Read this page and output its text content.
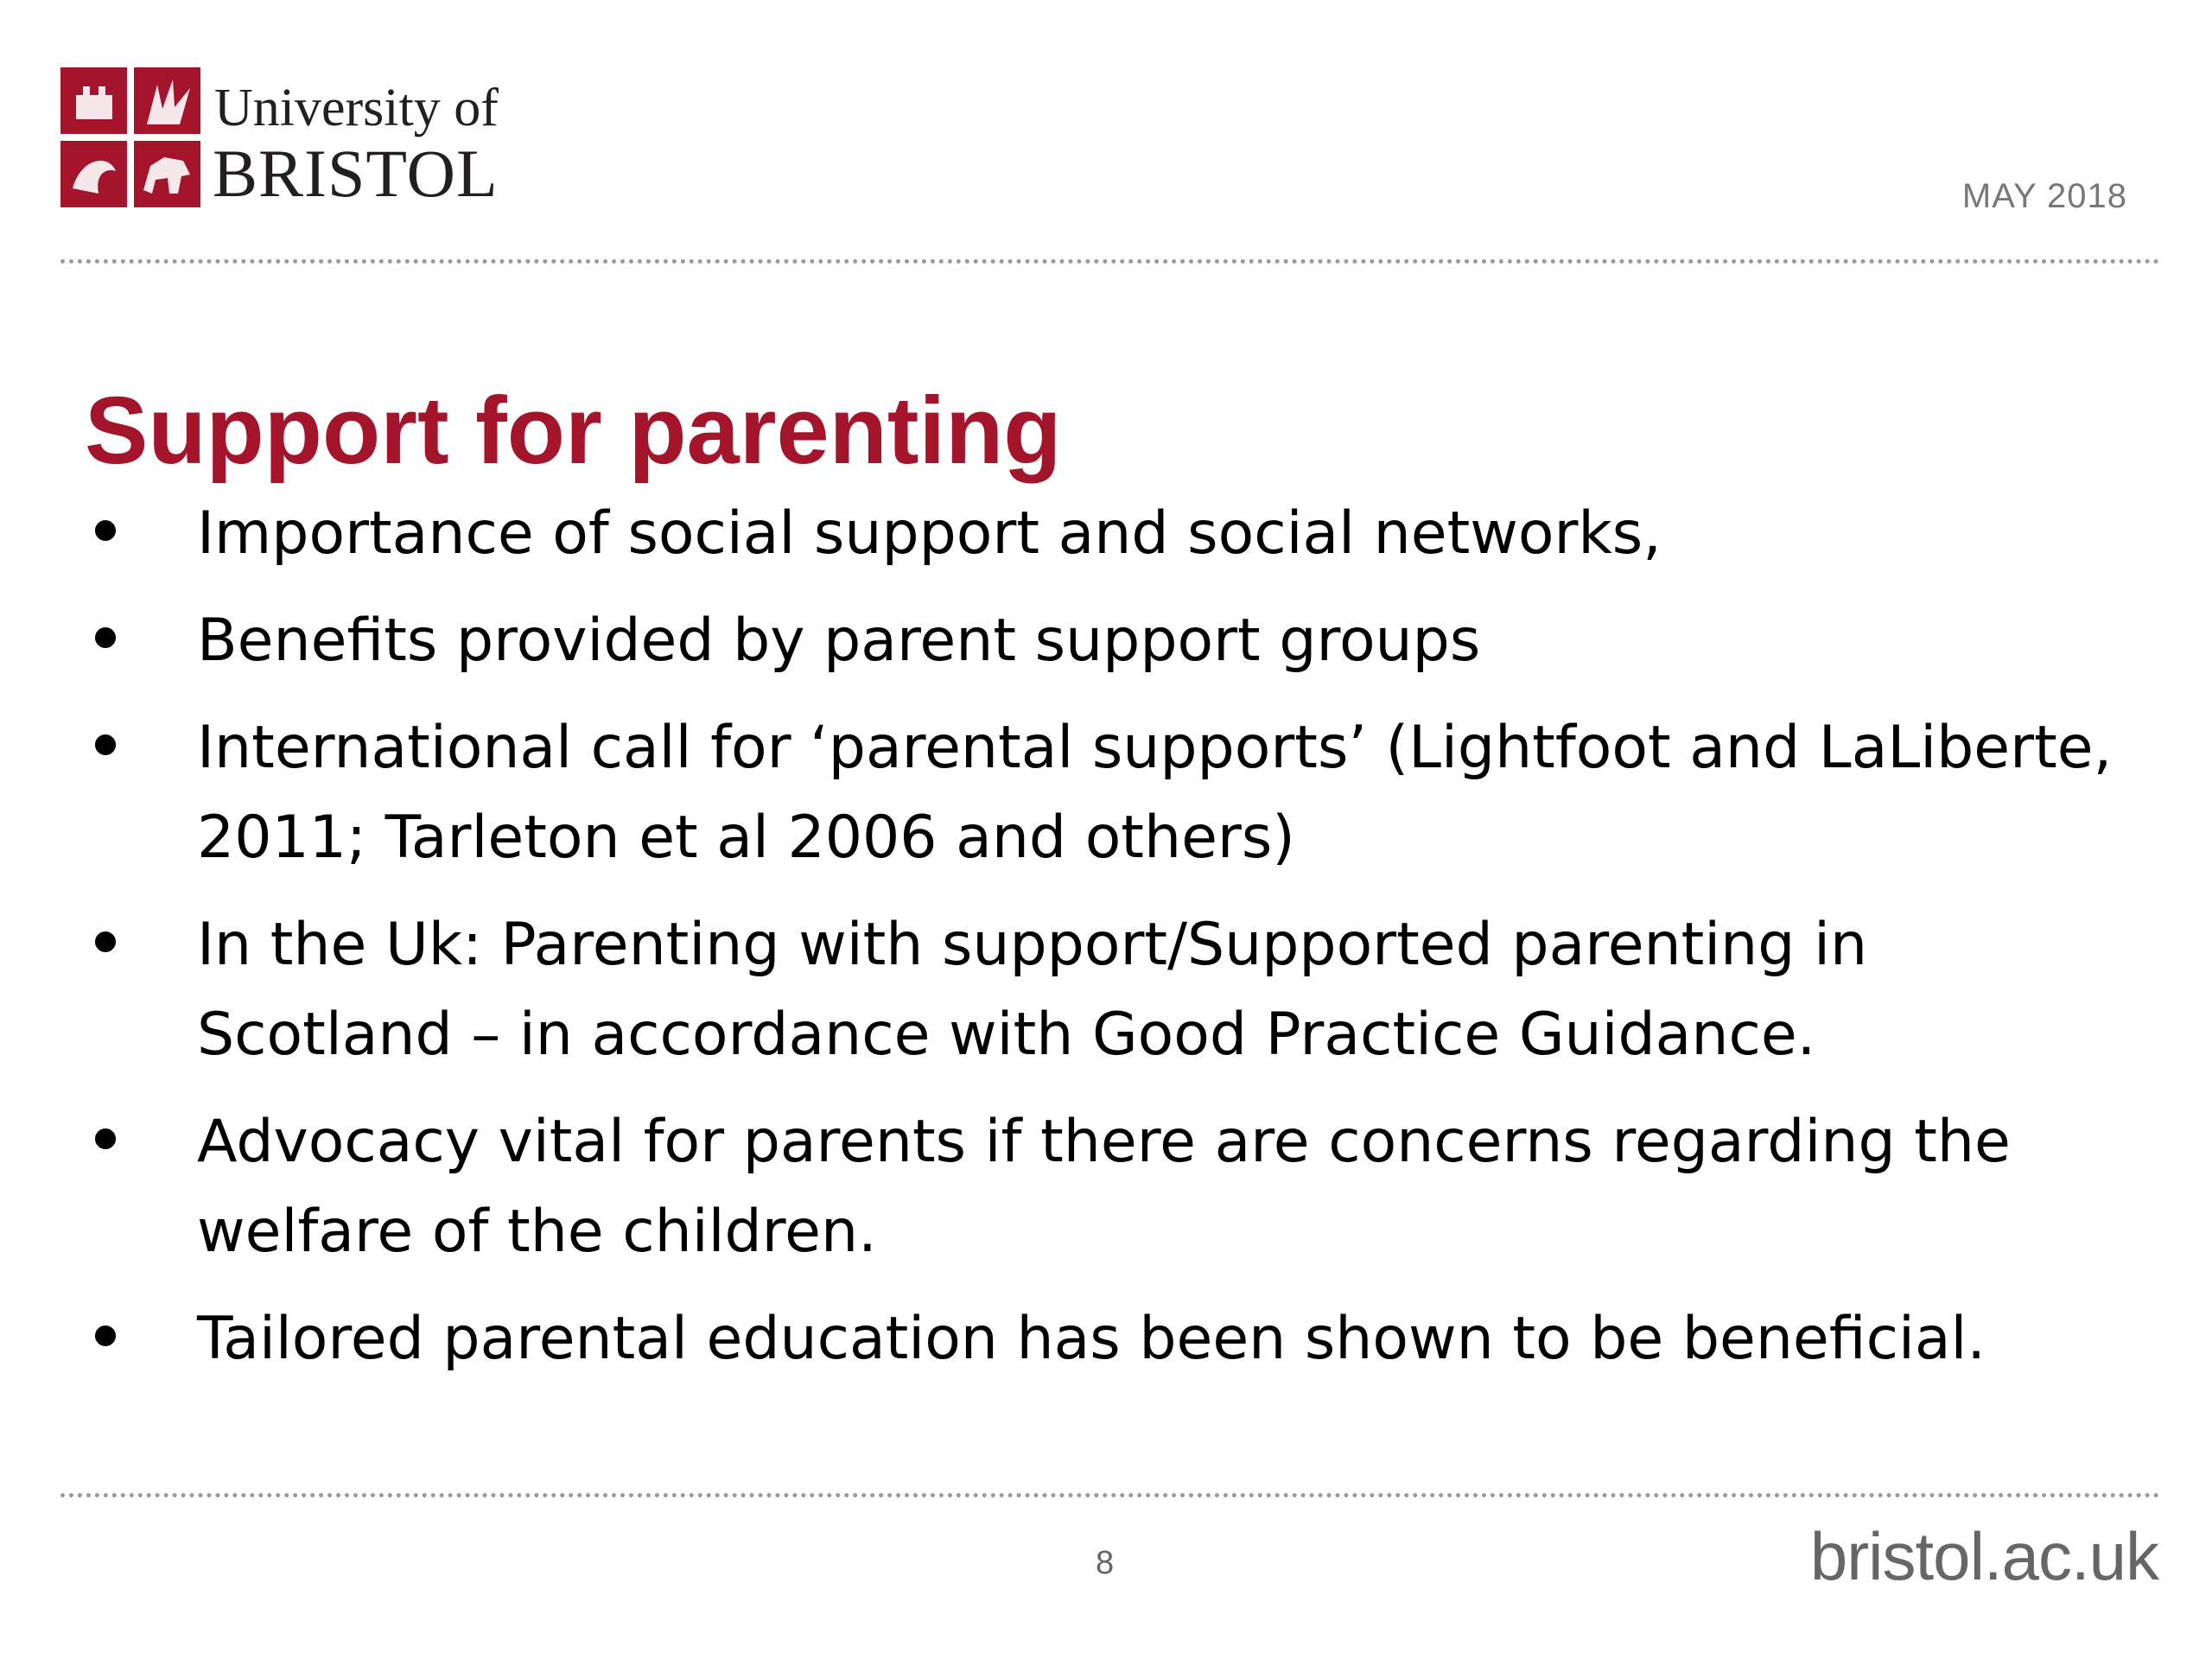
University of
BRISTOL	MAY 2018
Support for parenting
Importance of social support and social networks,
Benefits provided by parent support groups
International call for ‘parental supports’ (Lightfoot and LaLiberte, 2011; Tarleton et al 2006 and others)
In the Uk: Parenting with support/Supported parenting in Scotland – in accordance with Good Practice Guidance.
Advocacy vital for parents if there are concerns regarding the welfare of the children.
Tailored parental education has been shown to be beneficial.
8	bristol.ac.uk
